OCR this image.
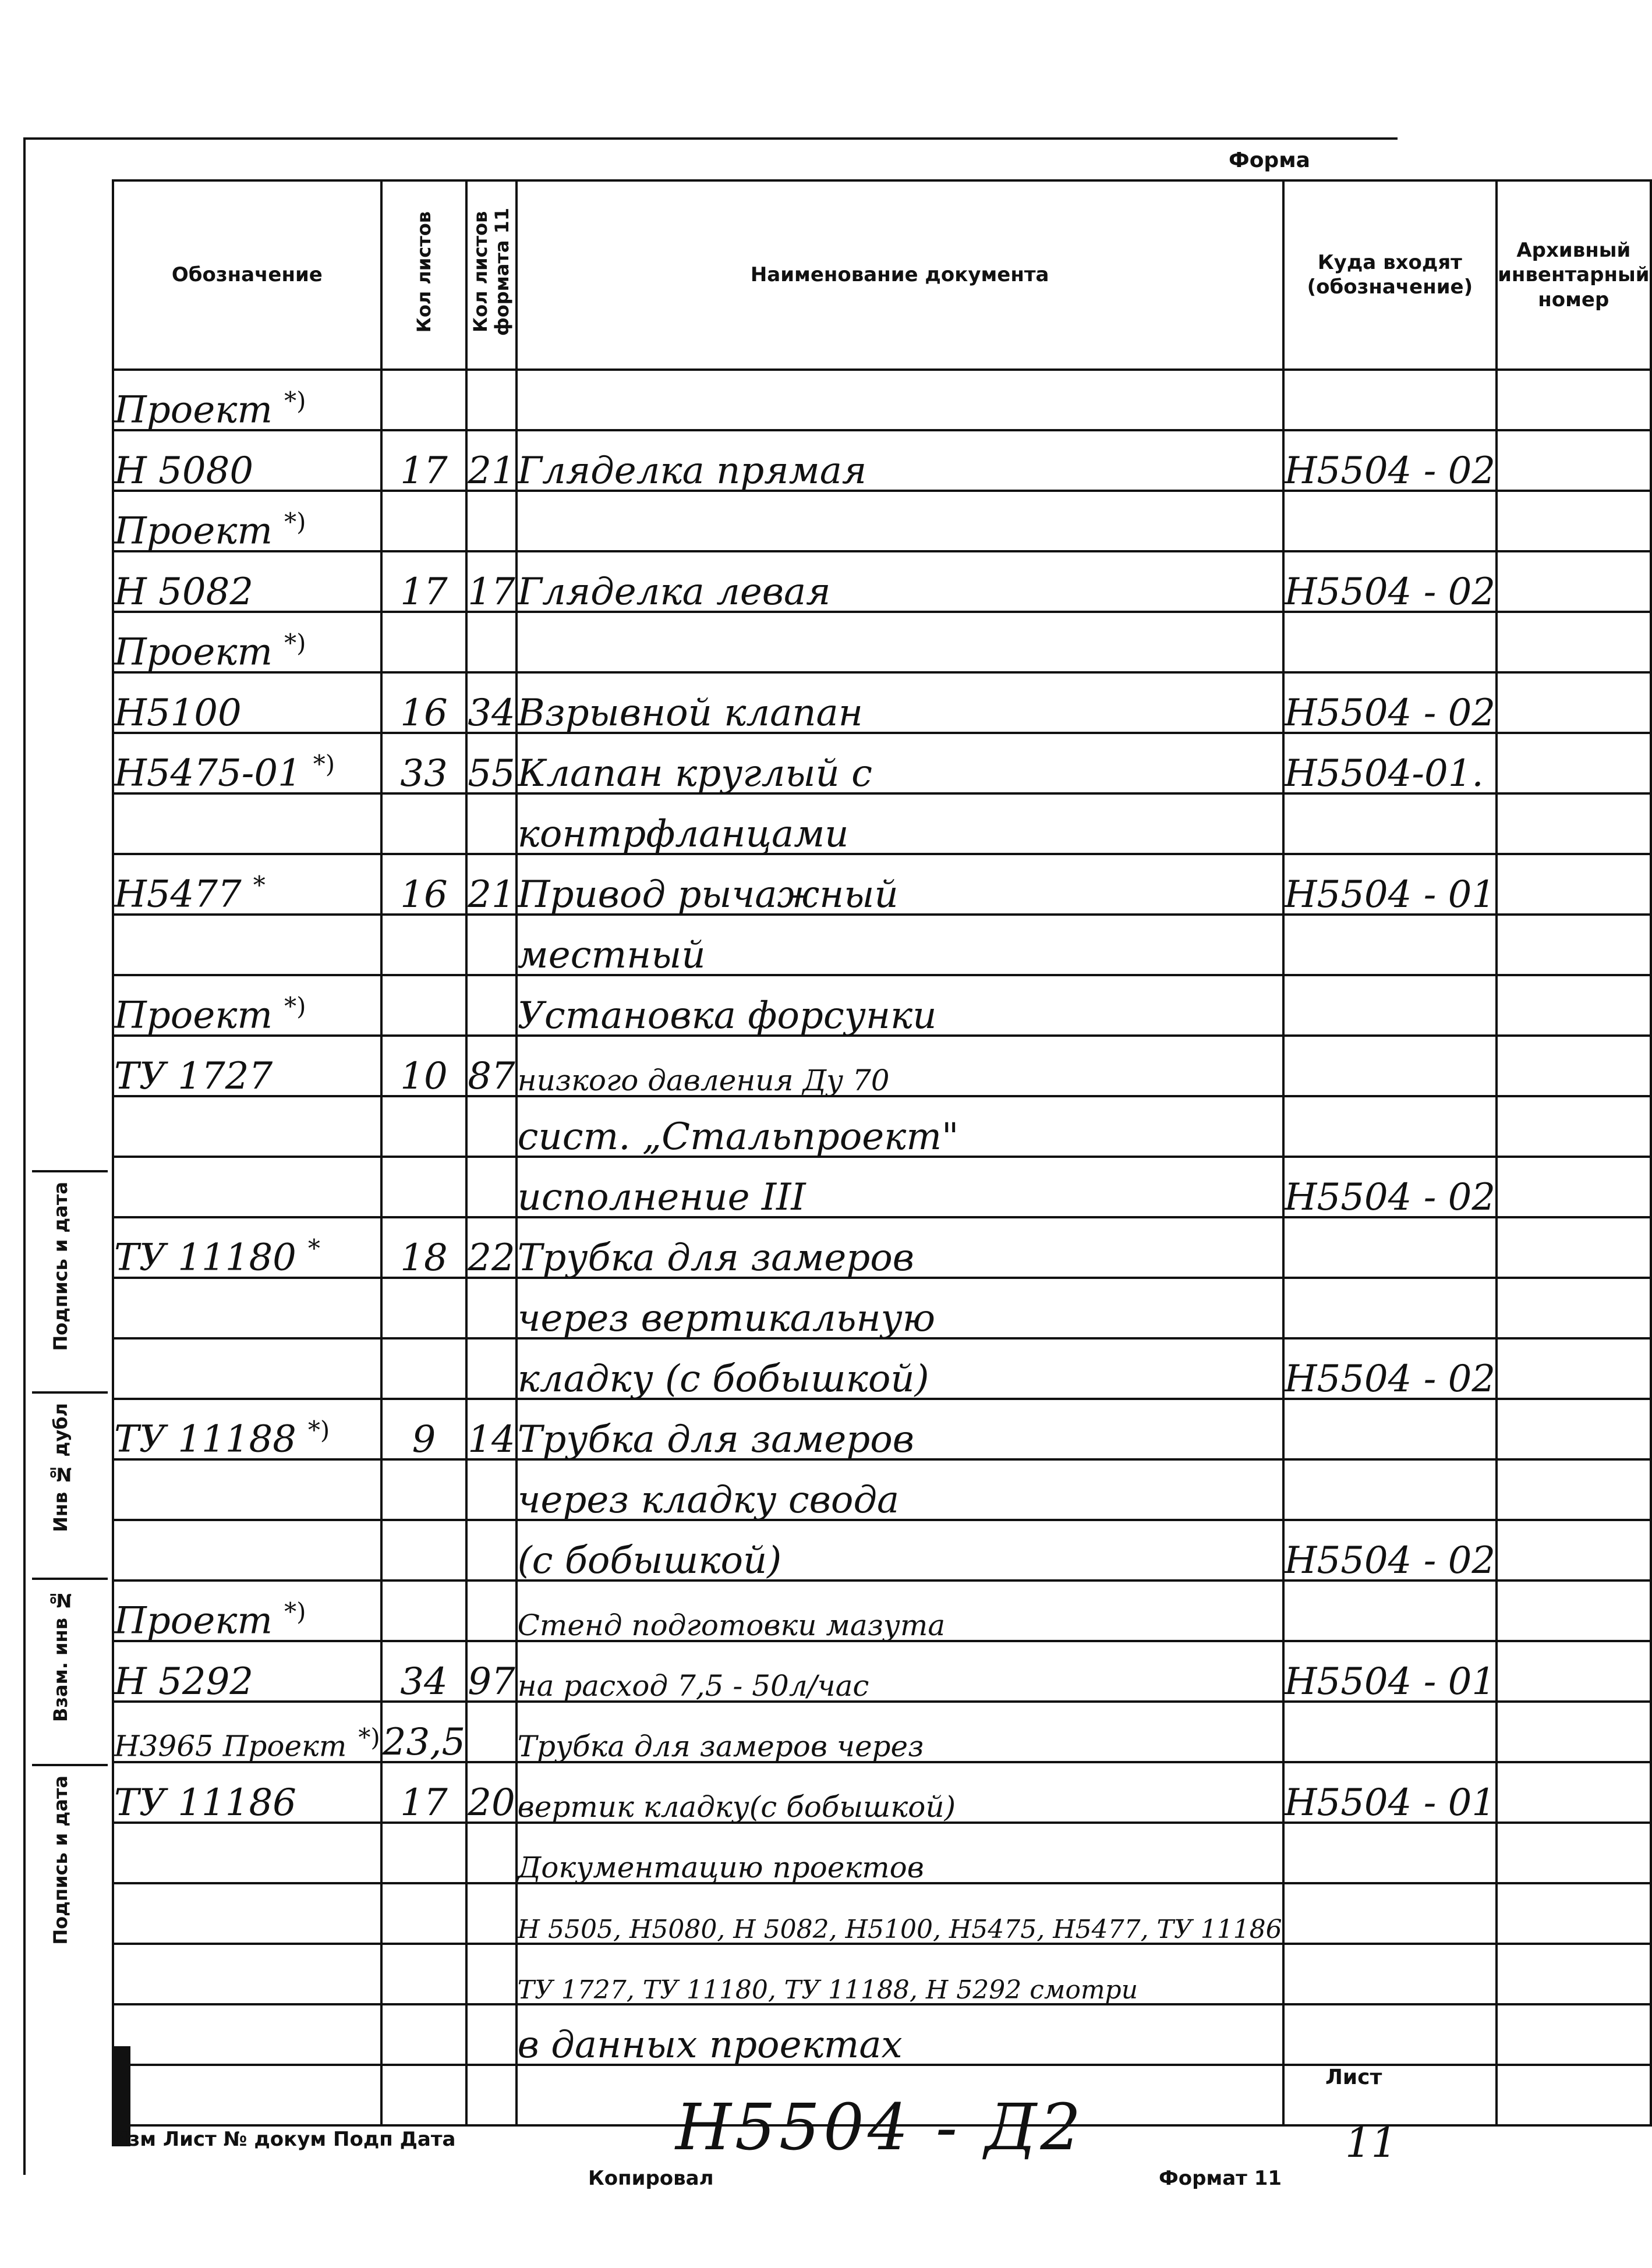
Форма
Обозначение	Кол листов	Кол листов формата 11	Наименование документа	Куда входят (обозначение)	Архивный инвентарный номер
Проект *)					
Н 5080	17	21	Гляделка прямая	Н5504 - 02	
Проект *)					
Н 5082	17	17	Гляделка левая	Н5504 - 02	
Проект *)					
Н5100	16	34	Взрывной клапан	Н5504 - 02	
Н5475-01 *)	33	55	Клапан круглый с	Н5504-01.	
			контрфланцами		
Н5477 *	16	21	Привод рычажный	Н5504 - 01	
			местный		
Проект *)			Установка форсунки		
ТУ 1727	10	87	низкого давления Ду 70		
			сист. „Стальпроект"		
			исполнение III	Н5504 - 02	
ТУ 11180 *	18	22	Трубка для замеров		
			через вертикальную		
			кладку (с бобышкой)	Н5504 - 02	
ТУ 11188 *)	9	14	Трубка для замеров		
			через кладку свода		
			(с бобышкой)	Н5504 - 02	
Проект *)			Стенд подготовки мазута		
Н 5292	34	97	на расход 7,5 - 50л/час	Н5504 - 01	
Н3965 Проект *)	23,5		Трубка для замеров через		
ТУ 11186	17	20	вертик кладку(с бобышкой)	Н5504 - 01	
			Документацию проектов		
			Н 5505, Н5080, Н 5082, Н5100, Н5475, Н5477, ТУ 11186		
			ТУ 1727, ТУ 11180, ТУ 11188, Н 5292 смотри		
			в данных проектах		

Подпись и дата
Инв № дубл
Взам. инв №
Подпись и дата

Изм Лист № докум Подп Дата	Н5504 - Д2
Лист
11
Копировал	Формат 11
